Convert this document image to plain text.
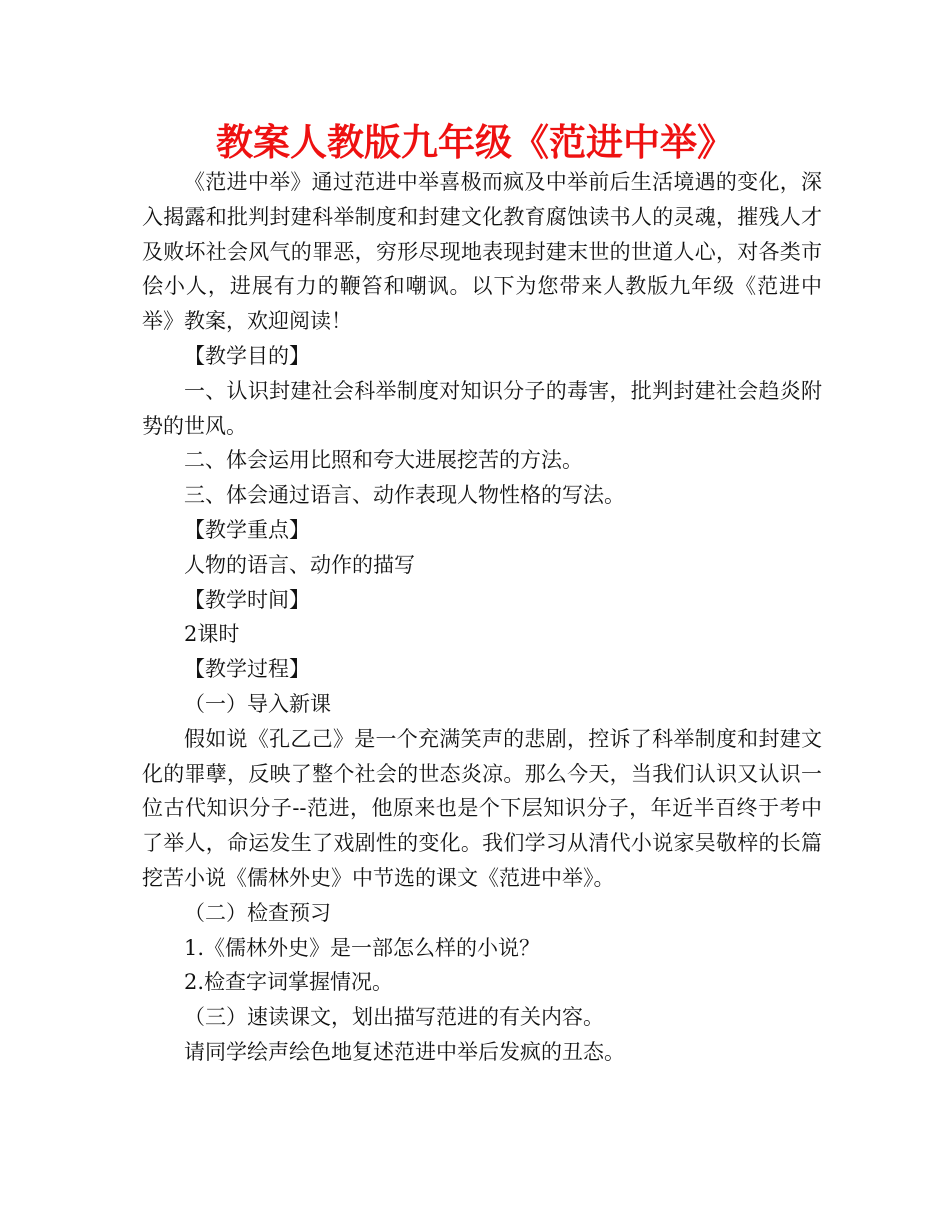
教案人教版九年级《范进中举》

《范进中举》通过范进中举喜极而疯及中举前后生活境遇的变化，深入揭露和批判封建科举制度和封建文化教育腐蚀读书人的灵魂，摧残人才及败坏社会风气的罪恶，穷形尽现地表现封建末世的世道人心，对各类市侩小人，进展有力的鞭笞和嘲讽。以下为您带来人教版九年级《范进中举》教案，欢迎阅读！

【教学目的】

一、认识封建社会科举制度对知识分子的毒害，批判封建社会趋炎附势的世风。

二、体会运用比照和夸大进展挖苦的方法。

三、体会通过语言、动作表现人物性格的写法。

【教学重点】

人物的语言、动作的描写

【教学时间】

2课时

【教学过程】

（一）导入新课

假如说《孔乙己》是一个充满笑声的悲剧，控诉了科举制度和封建文化的罪孽，反映了整个社会的世态炎凉。那么今天，当我们认识又认识一位古代知识分子--范进，他原来也是个下层知识分子，年近半百终于考中了举人，命运发生了戏剧性的变化。我们学习从清代小说家吴敬梓的长篇挖苦小说《儒林外史》中节选的课文《范进中举》。

（二）检查预习

1.《儒林外史》是一部怎么样的小说？

2.检查字词掌握情况。

（三）速读课文，划出描写范进的有关内容。

请同学绘声绘色地复述范进中举后发疯的丑态。
